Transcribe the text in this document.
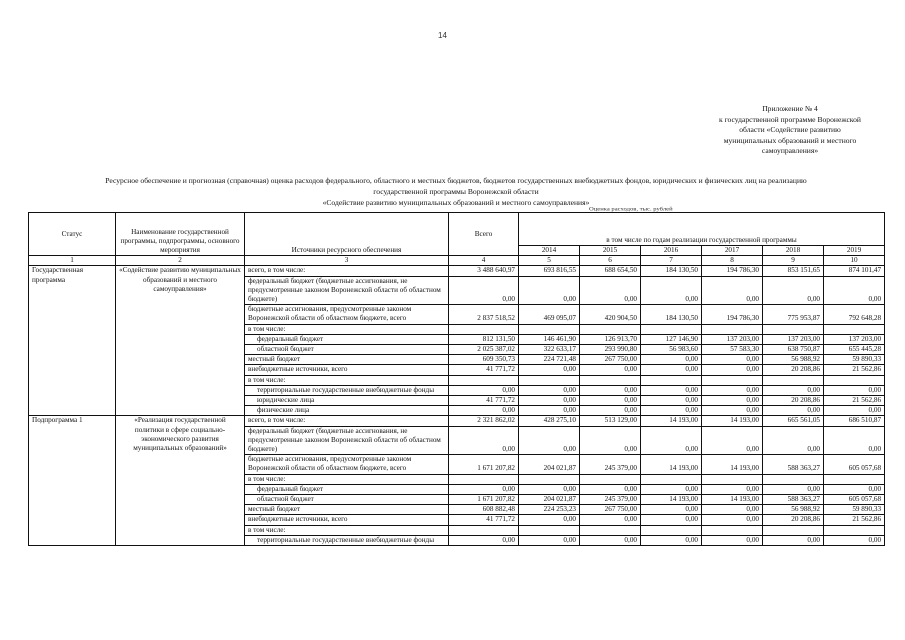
14
Приложение № 4
к государственной программе Воронежской
области «Содействие развитию
муниципальных образований и местного
самоуправления»
Ресурсное обеспечение и прогнозная (справочная) оценка расходов федерального, областного и местных бюджетов, бюджетов государственных внебюджетных фондов, юридических и физических лиц на реализацию
государственной программы Воронежской области
«Содействие развитию муниципальных образований и местного самоуправления»
Статус	Наименование государственной программы, подпрограммы, основного мероприятия	Источники ресурсного обеспечения	Всего	в том числе по годам реализации государственной программы					
				2014	2015	2016	2017	2018	2019
1	2	3	4	5	6	7	8	9	10
Государственная программа	«Содействие развитию муниципальных образований и местного самоуправления»	всего, в том числе:	3 488 640,97	693 816,55	688 654,50	184 130,50	194 786,30	853 151,65	874 101,47
		федеральный бюджет (бюджетные ассигнования, не предусмотренные законом Воронежской области об областном бюджете)	0,00	0,00	0,00	0,00	0,00	0,00	0,00
		бюджетные ассигнования, предусмотренные законом Воронежской области об областном бюджете, всего	2 837 518,52	469 095,07	420 904,50	184 130,50	194 786,30	775 953,87	792 648,28
		в том числе:							
		федеральный бюджет	812 131,50	146 461,90	126 913,70	127 146,90	137 203,00	137 203,00	137 203,00
		областной бюджет	2 025 387,02	322 633,17	293 990,80	56 983,60	57 583,30	638 750,87	655 445,28
		местный бюджет	609 350,73	224 721,48	267 750,00	0,00	0,00	56 988,92	59 890,33
		внебюджетные источники, всего	41 771,72	0,00	0,00	0,00	0,00	20 208,86	21 562,86
		в том числе:							
		территориальные государственные внебюджетные фонды	0,00	0,00	0,00	0,00	0,00	0,00	0,00
		юридические лица	41 771,72	0,00	0,00	0,00	0,00	20 208,86	21 562,86
		физические лица	0,00	0,00	0,00	0,00	0,00	0,00	0,00
Подпрограмма 1	«Реализация государственной политики в сфере социально-экономического развития муниципальных образований»	всего, в том числе:	2 321 862,02	428 275,10	513 129,00	14 193,00	14 193,00	665 561,05	686 510,87
		федеральный бюджет (бюджетные ассигнования, не предусмотренные законом Воронежской области об областном бюджете)	0,00	0,00	0,00	0,00	0,00	0,00	0,00
		бюджетные ассигнования, предусмотренные законом Воронежской области об областном бюджете, всего	1 671 207,82	204 021,87	245 379,00	14 193,00	14 193,00	588 363,27	605 057,68
		в том числе:							
		федеральный бюджет	0,00	0,00	0,00	0,00	0,00	0,00	0,00
		областной бюджет	1 671 207,82	204 021,87	245 379,00	14 193,00	14 193,00	588 363,27	605 057,68
		местный бюджет	608 882,48	224 253,23	267 750,00	0,00	0,00	56 988,92	59 890,33
		внебюджетные источники, всего	41 771,72	0,00	0,00	0,00	0,00	20 208,86	21 562,86
		в том числе:							
		территориальные государственные внебюджетные фонды	0,00	0,00	0,00	0,00	0,00	0,00	0,00
Оценка расходов, тыс. рублей
